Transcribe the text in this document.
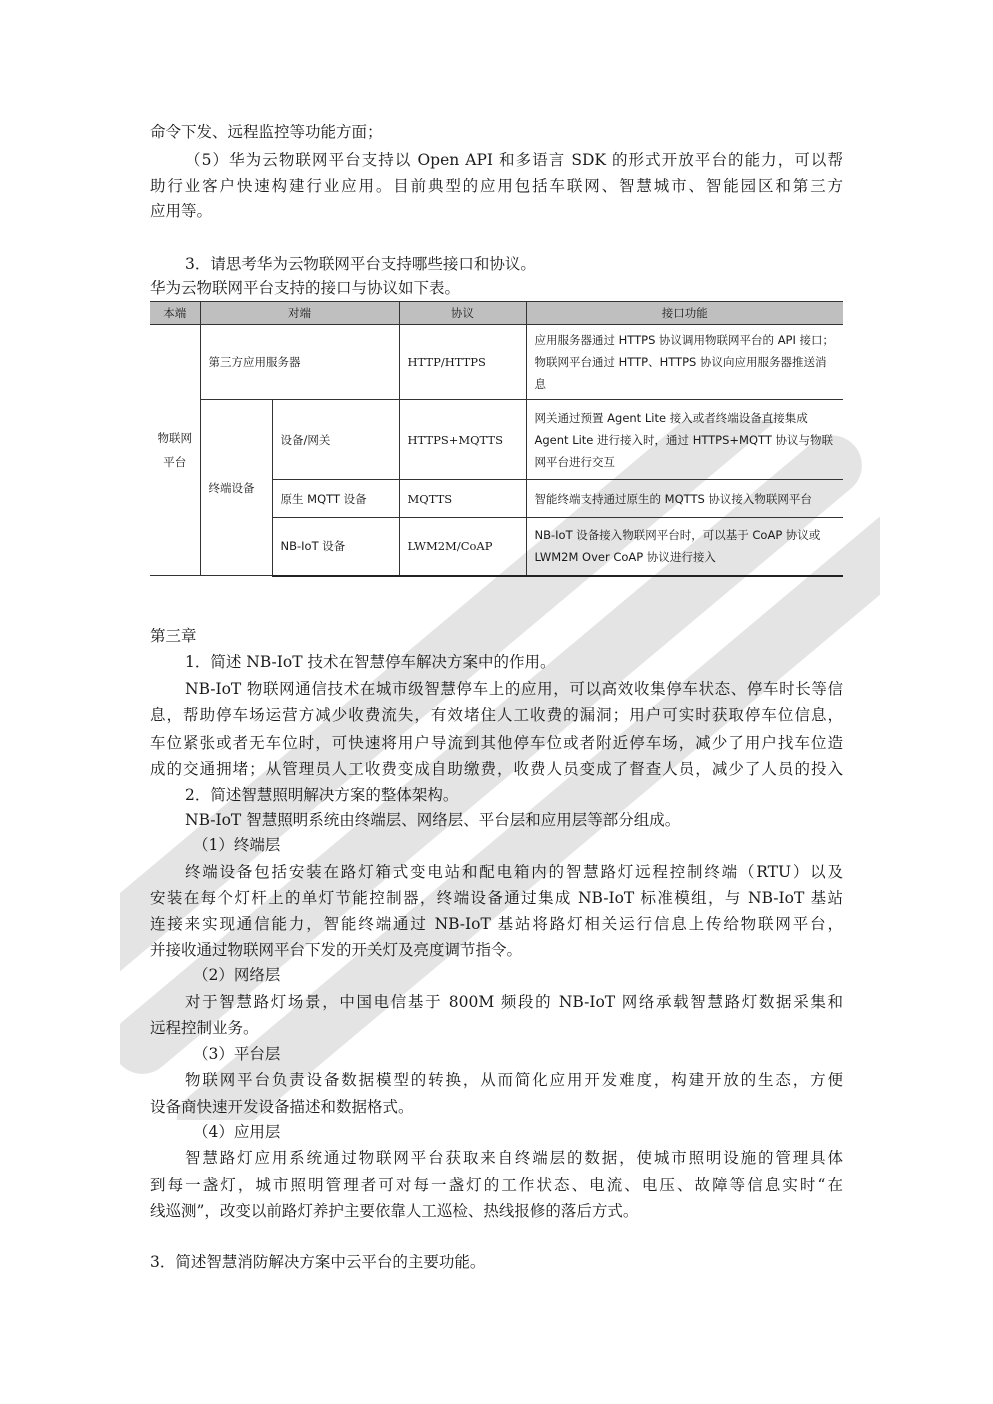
命令下发、远程监控等功能方面；
（5）华为云物联网平台支持以 Open API 和多语言 SDK 的形式开放平台的能力，可以帮
助行业客户快速构建行业应用。目前典型的应用包括车联网、智慧城市、智能园区和第三方
应用等。
3．请思考华为云物联网平台支持哪些接口和协议。
华为云物联网平台支持的接口与协议如下表。
本端	对端		协议	接口功能
物联网平台	第三方应用服务器		HTTP/HTTPS	应用服务器通过 HTTPS 协议调用物联网平台的 API 接口；物联网平台通过 HTTP、HTTPS 协议向应用服务器推送消息
	终端设备	设备/网关	HTTPS+MQTTS	网关通过预置 Agent Lite 接入或者终端设备直接集成 Agent Lite 进行接入时，通过 HTTPS+MQTT 协议与物联网平台进行交互
		原生 MQTT 设备	MQTTS	智能终端支持通过原生的 MQTTS 协议接入物联网平台
		NB-IoT 设备	LWM2M/CoAP	NB-IoT 设备接入物联网平台时，可以基于 CoAP 协议或 LWM2M Over CoAP 协议进行接入
第三章
1．简述 NB-IoT 技术在智慧停车解决方案中的作用。
NB-IoT 物联网通信技术在城市级智慧停车上的应用，可以高效收集停车状态、停车时长等信
息，帮助停车场运营方减少收费流失，有效堵住人工收费的漏洞；用户可实时获取停车位信息，
车位紧张或者无车位时，可快速将用户导流到其他停车位或者附近停车场，减少了用户找车位造
成的交通拥堵；从管理员人工收费变成自助缴费，收费人员变成了督查人员，减少了人员的投入
2．简述智慧照明解决方案的整体架构。
NB-IoT 智慧照明系统由终端层、网络层、平台层和应用层等部分组成。
（1）终端层
终端设备包括安装在路灯箱式变电站和配电箱内的智慧路灯远程控制终端（RTU）以及
安装在每个灯杆上的单灯节能控制器，终端设备通过集成 NB-IoT 标准模组，与 NB-IoT 基站
连接来实现通信能力，智能终端通过 NB-IoT 基站将路灯相关运行信息上传给物联网平台，
并接收通过物联网平台下发的开关灯及亮度调节指令。
（2）网络层
对于智慧路灯场景，中国电信基于 800M 频段的 NB-IoT 网络承载智慧路灯数据采集和
远程控制业务。
（3）平台层
物联网平台负责设备数据模型的转换，从而简化应用开发难度，构建开放的生态，方便
设备商快速开发设备描述和数据格式。
（4）应用层
智慧路灯应用系统通过物联网平台获取来自终端层的数据，使城市照明设施的管理具体
到每一盏灯，城市照明管理者可对每一盏灯的工作状态、电流、电压、故障等信息实时“在
线巡测”，改变以前路灯养护主要依靠人工巡检、热线报修的落后方式。
3．简述智慧消防解决方案中云平台的主要功能。
